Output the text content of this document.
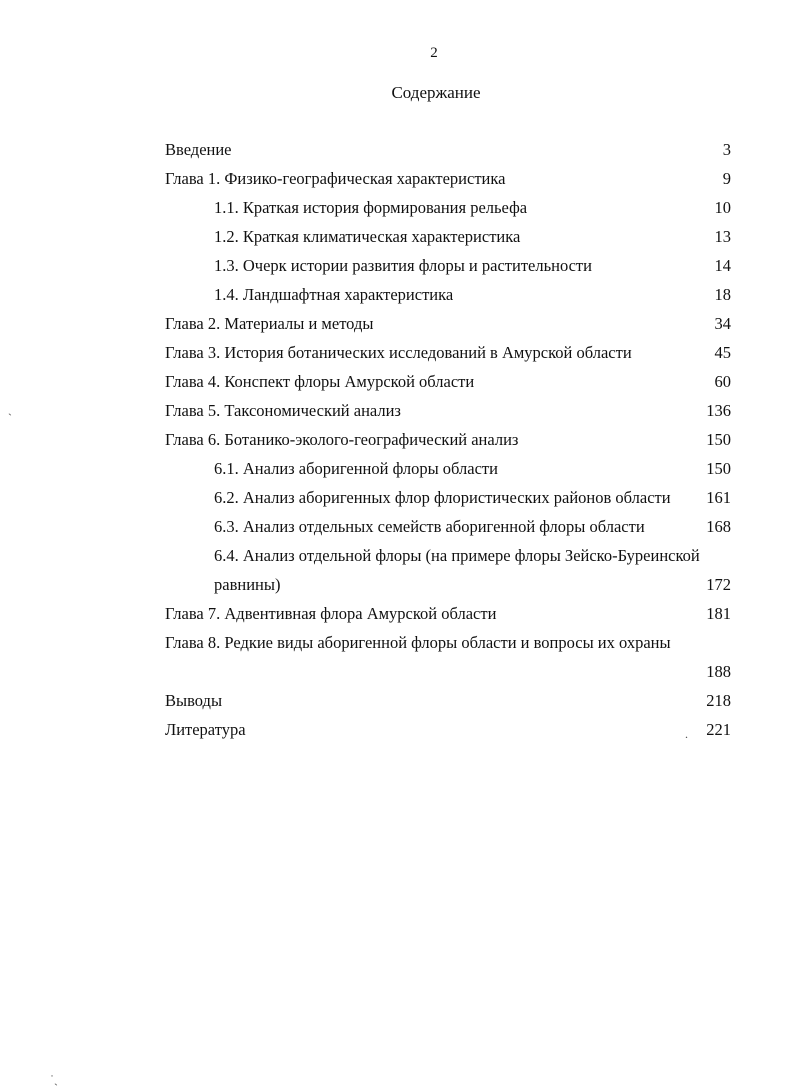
2
Содержание
Введение	3
Глава 1. Физико-географическая характеристика	9
1.1. Краткая история формирования рельефа	10
1.2. Краткая климатическая характеристика	13
1.3. Очерк истории развития флоры и растительности	14
1.4. Ландшафтная характеристика	18
Глава 2. Материалы и методы	34
Глава 3. История ботанических исследований в Амурской области	45
Глава 4. Конспект флоры Амурской области	60
Глава 5. Таксономический анализ	136
Глава 6. Ботанико-эколого-географический анализ	150
6.1. Анализ аборигенной флоры области	150
6.2. Анализ аборигенных флор флористических районов области 161
6.3. Анализ отдельных семейств аборигенной флоры области	168
6.4. Анализ отдельной флоры (на примере флоры Зейско-Буреинской
равнины)	172
Глава 7. Адвентивная флора Амурской области	181
Глава 8. Редкие виды аборигенной флоры области и вопросы их охраны
188
Выводы	218
Литература	221
ˏ
.
˙ˎ
